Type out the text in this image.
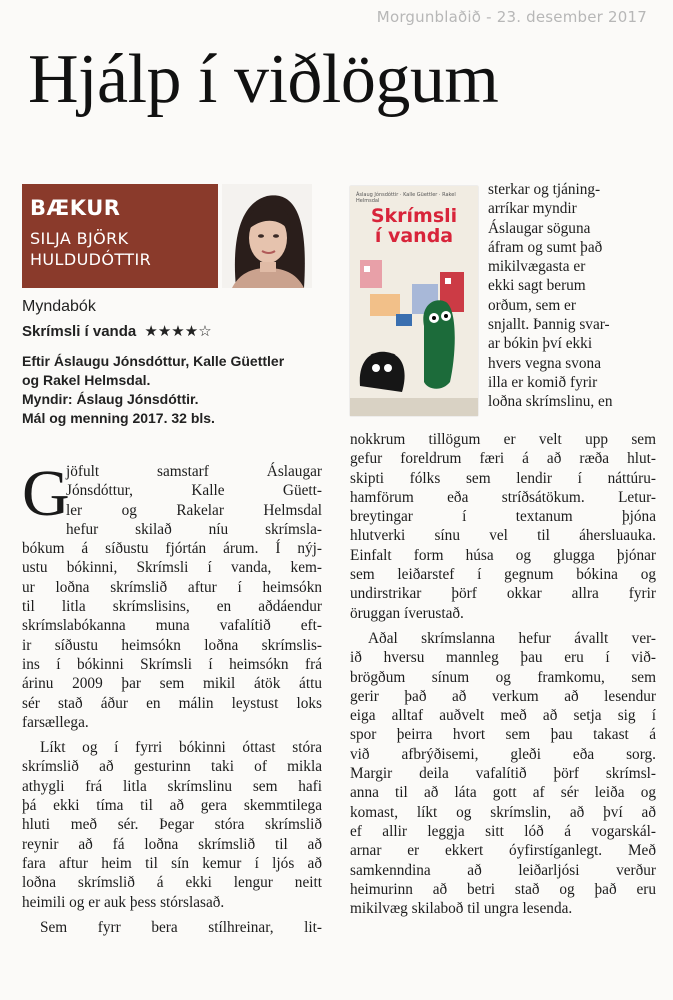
Morgunblaðið - 23. desember 2017
Hjálp í viðlögum
BÆKUR
SILJA BJÖRK
HULDUDÓTTIR
Áslaug Jónsdóttir · Kalle Güettler · Rakel Helmsdal
Skrímsli
í vanda
Myndabók
Skrímsli í vanda ★★★★☆
Eftir Áslaugu Jónsdóttur, Kalle Güettler
og Rakel Helmsdal.
Myndir: Áslaug Jónsdóttir.
Mál og menning 2017. 32 bls.
G
jöfult samstarf Áslaugar
Jónsdóttur, Kalle Güett-
ler og Rakelar Helmsdal
hefur skilað níu skrímsla-
bókum á síðustu fjórtán árum. Í nýj-
ustu bókinni, Skrímsli í vanda, kem-
ur loðna skrímslið aftur í heimsókn
til litla skrímslisins, en aðdáendur
skrímslabókanna muna vafalítið eft-
ir síðustu heimsókn loðna skrímslis-
ins í bókinni Skrímsli í heimsókn frá
árinu 2009 þar sem mikil átök áttu
sér stað áður en málin leystust loks
farsællega.
Líkt og í fyrri bókinni óttast stóra
skrímslið að gesturinn taki of mikla
athygli frá litla skrímslinu sem hafi
þá ekki tíma til að gera skemmtilega
hluti með sér. Þegar stóra skrímslið
reynir að fá loðna skrímslið til að
fara aftur heim til sín kemur í ljós að
loðna skrímslið á ekki lengur neitt
heimili og er auk þess stórslasað.
Sem fyrr bera stílhreinar, lit-
sterkar og tjáning-
arríkar myndir
Áslaugar söguna
áfram og sumt það
mikilvægasta er
ekki sagt berum
orðum, sem er
snjallt. Þannig svar-
ar bókin því ekki
hvers vegna svona
illa er komið fyrir
loðna skrímslinu, en
nokkrum tillögum er velt upp sem
gefur foreldrum færi á að ræða hlut-
skipti fólks sem lendir í náttúru-
hamförum eða stríðsátökum. Letur-
breytingar í textanum þjóna
hlutverki sínu vel til áhersluauka.
Einfalt form húsa og glugga þjónar
sem leiðarstef í gegnum bókina og
undirstrikar þörf okkar allra fyrir
öruggan íverustað.
Aðal skrímslanna hefur ávallt ver-
ið hversu mannleg þau eru í við-
brögðum sínum og framkomu, sem
gerir það að verkum að lesendur
eiga alltaf auðvelt með að setja sig í
spor þeirra hvort sem þau takast á
við afbrýðisemi, gleði eða sorg.
Margir deila vafalítið þörf skrímsl-
anna til að láta gott af sér leiða og
komast, líkt og skrímslin, að því að
ef allir leggja sitt lóð á vogarskál-
arnar er ekkert óyfirstíganlegt. Með
samkenndina að leiðarljósi verður
heimurinn að betri stað og það eru
mikilvæg skilaboð til ungra lesenda.
